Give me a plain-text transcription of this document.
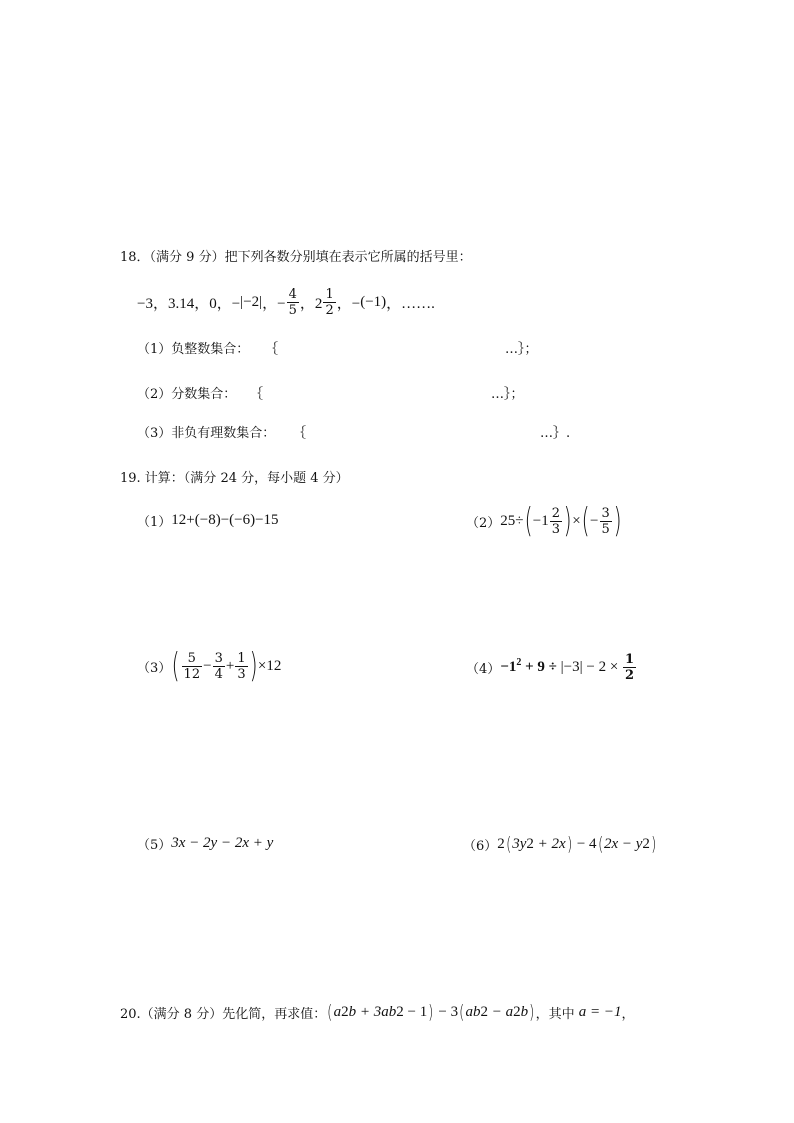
18．（满分 9 分）把下列各数分别填在表示它所属的括号里：
−3，3.14，0，− | −2 | ，− $\frac{4}{5}$ ，$2 \frac{1}{2}$ ，− ( −1 ) ，…….
（1）负整数集合： ｛	…｝；
（2）分数集合： ｛	…｝；
（3）非负有理数集合： ｛	…｝.
19. 计算：（满分 24 分，每小题 4 分）
（1） 12+(−8)−(−6)−15	（2） 25÷ ( $-1 \frac{2}{3}$ ) × ( − $\frac{3}{5}$ )
（3） ( $\frac{5}{12} - \frac{3}{4} + \frac{1}{3}$ ) ×12	$(4) -1^2 + 9$ ÷ | −3 | − $2 \times \frac{1}{2}$
（5） 3x − 2y − 2x + y	（6） 2 ( 3y 2 + 2x ) − 4 ( 2x − y 2 )
20.（满分 8 分）先化简，再求值： ( a 2 b + 3ab 2 − 1 ) − 3 ( ab 2 − a 2 b ) ，其中 a = −1 ，
